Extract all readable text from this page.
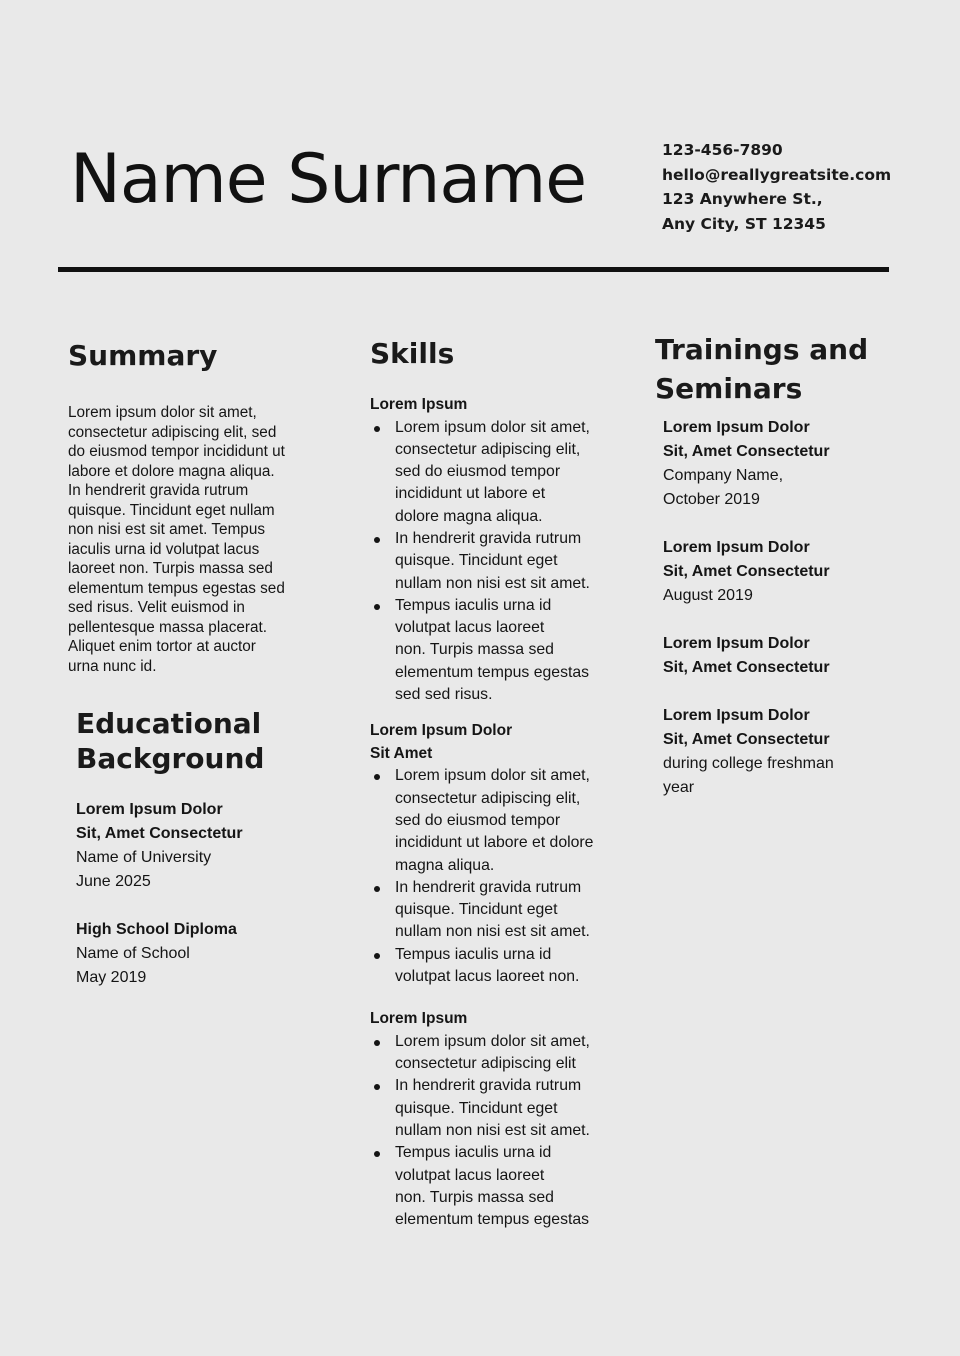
Name Surname	123-456-7890
hello@reallygreatsite.com
123 Anywhere St.,
Any City, ST 12345
Summary
Lorem ipsum dolor sit amet,
consectetur adipiscing elit, sed
do eiusmod tempor incididunt ut
labore et dolore magna aliqua.
In hendrerit gravida rutrum
quisque. Tincidunt eget nullam
non nisi est sit amet. Tempus
iaculis urna id volutpat lacus
laoreet non. Turpis massa sed
elementum tempus egestas sed
sed risus. Velit euismod in
pellentesque massa placerat.
Aliquet enim tortor at auctor
urna nunc id.
Educational
Background
Lorem Ipsum Dolor
Sit, Amet Consectetur
Name of University
June 2025
High School Diploma
Name of School
May 2019
Skills
Lorem Ipsum
Lorem ipsum dolor sit amet,
consectetur adipiscing elit,
sed do eiusmod tempor
incididunt ut labore et
dolore magna aliqua.
In hendrerit gravida rutrum
quisque. Tincidunt eget
nullam non nisi est sit amet.
Tempus iaculis urna id
volutpat lacus laoreet
non. Turpis massa sed
elementum tempus egestas
sed sed risus.
Lorem Ipsum Dolor
Sit Amet
Lorem ipsum dolor sit amet,
consectetur adipiscing elit,
sed do eiusmod tempor
incididunt ut labore et dolore
magna aliqua.
In hendrerit gravida rutrum
quisque. Tincidunt eget
nullam non nisi est sit amet.
Tempus iaculis urna id
volutpat lacus laoreet non.
Lorem Ipsum
Lorem ipsum dolor sit amet,
consectetur adipiscing elit
In hendrerit gravida rutrum
quisque. Tincidunt eget
nullam non nisi est sit amet.
Tempus iaculis urna id
volutpat lacus laoreet
non. Turpis massa sed
elementum tempus egestas
Trainings and
Seminars
Lorem Ipsum Dolor
Sit, Amet Consectetur
Company Name,
October 2019
Lorem Ipsum Dolor
Sit, Amet Consectetur
August 2019
Lorem Ipsum Dolor
Sit, Amet Consectetur
Lorem Ipsum Dolor
Sit, Amet Consectetur
during college freshman
year
